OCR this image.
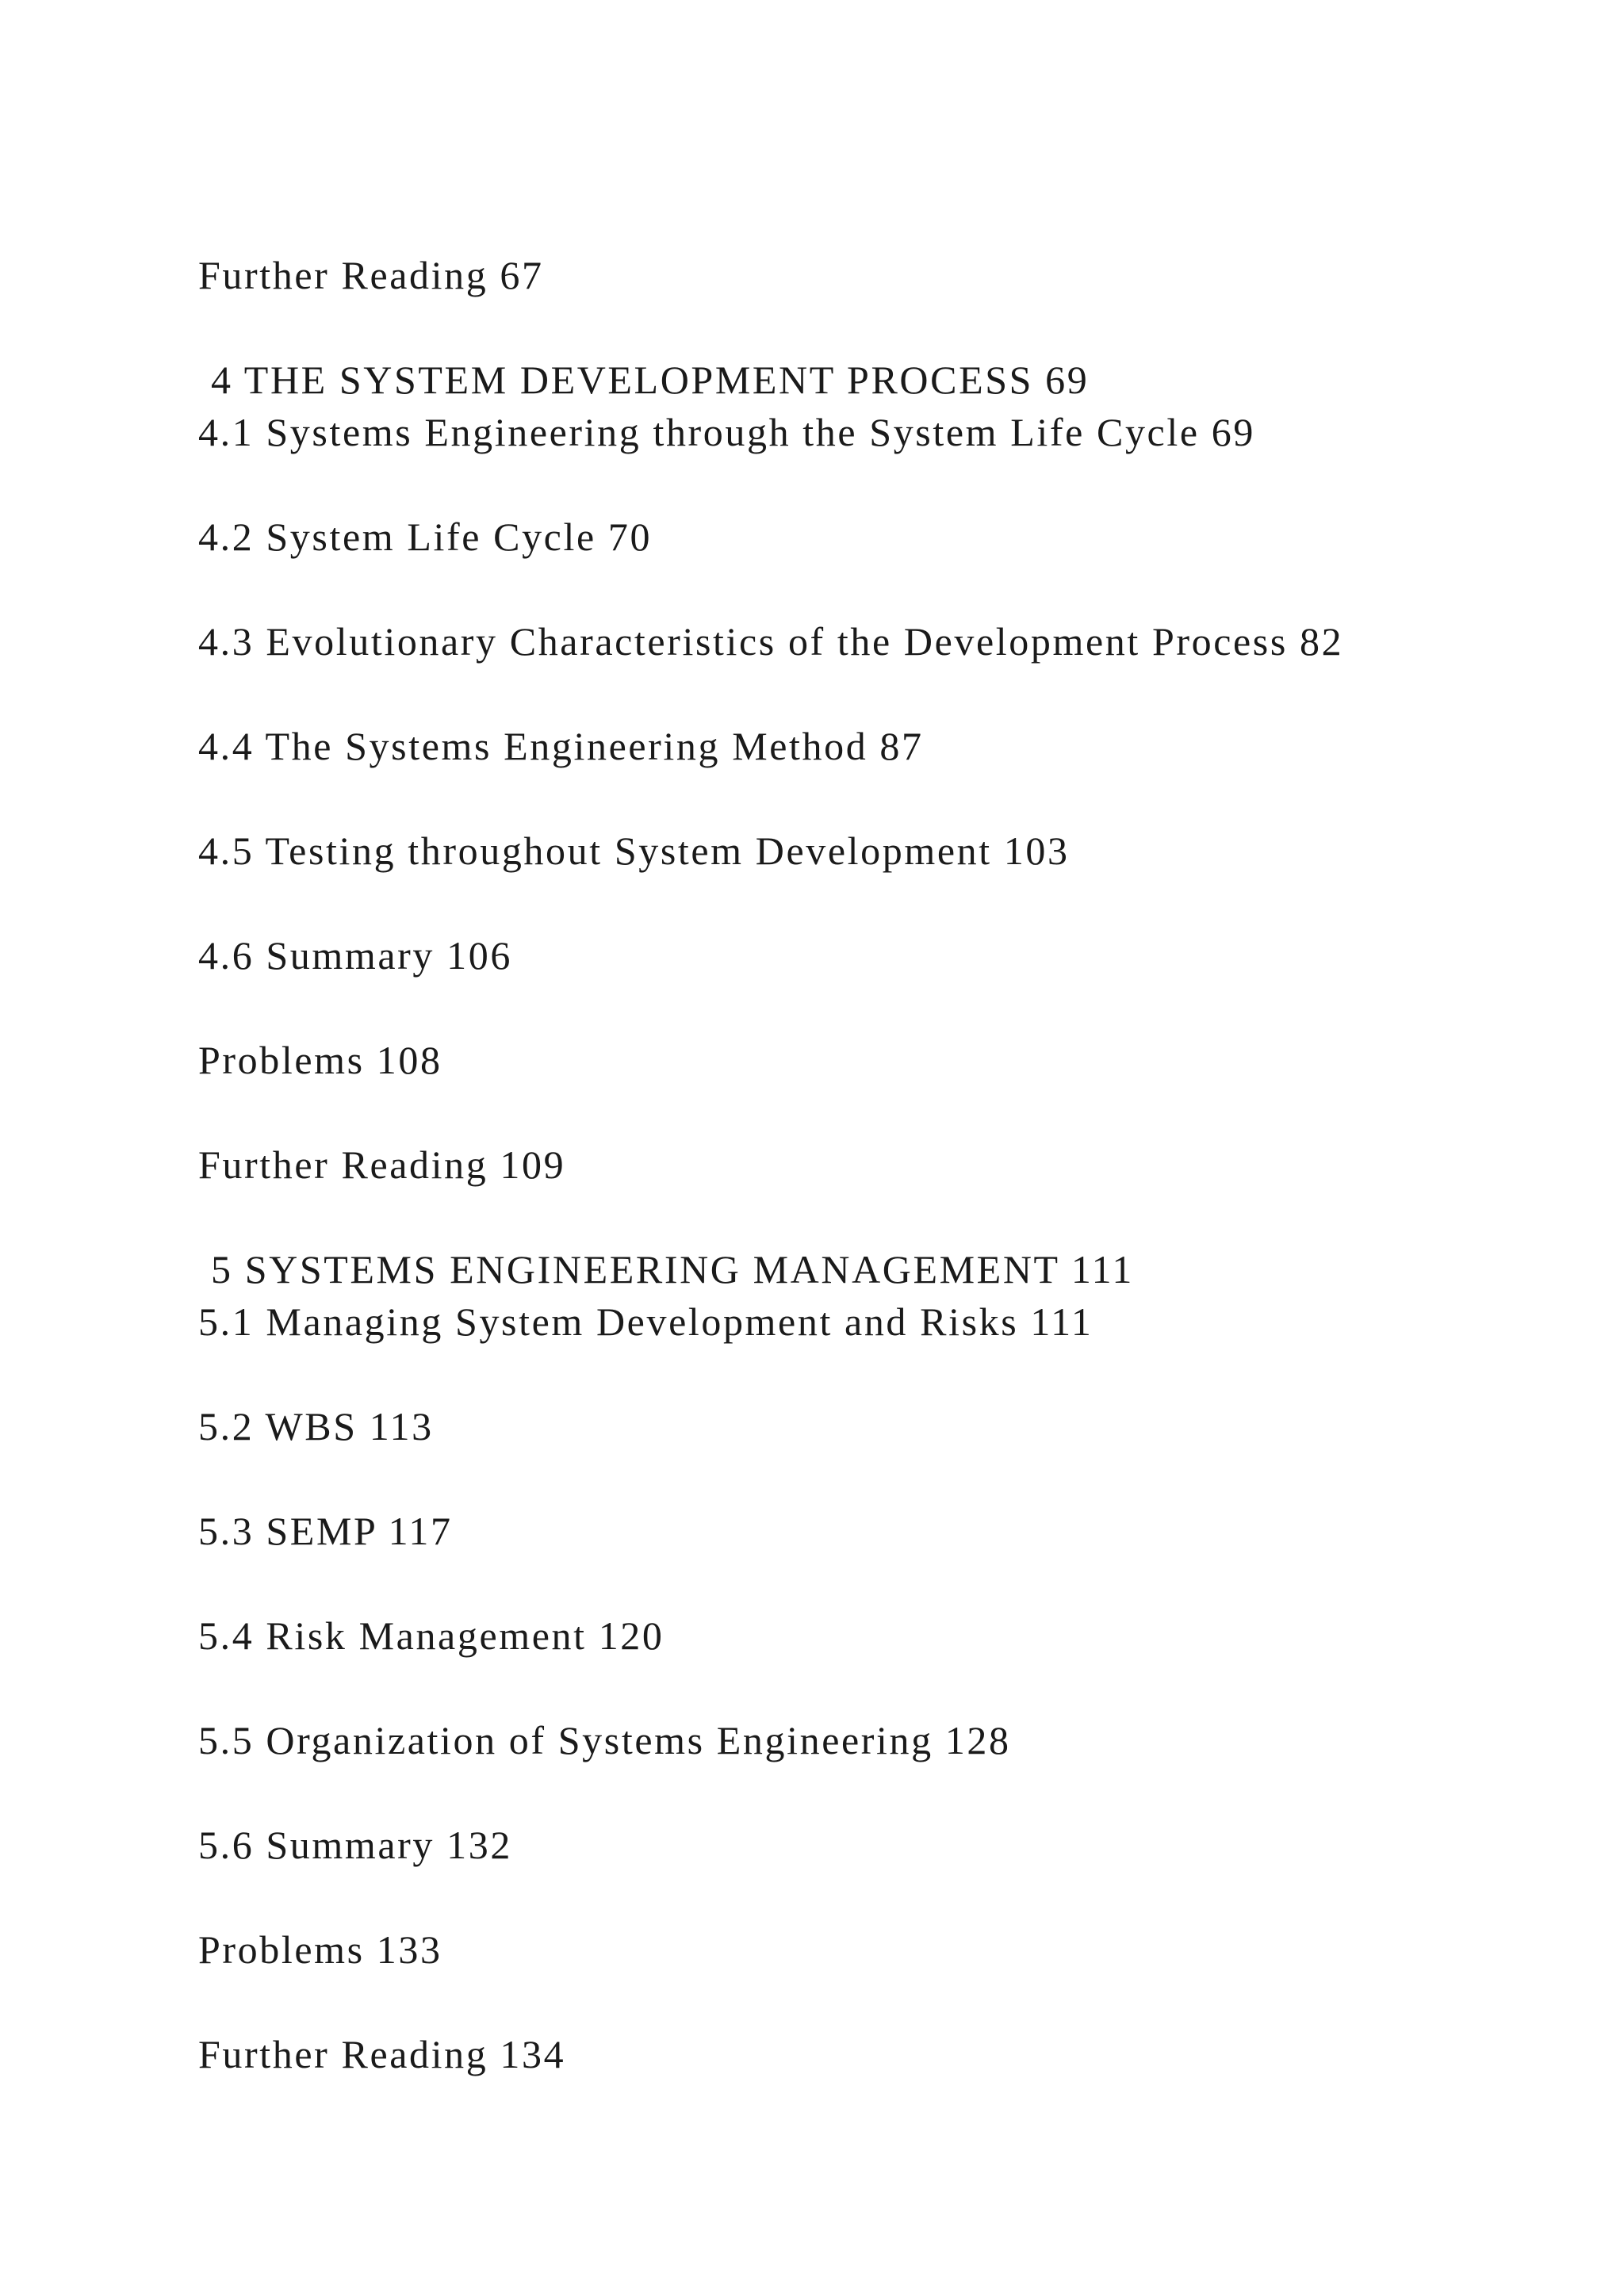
Further Reading 67
4 THE SYSTEM DEVELOPMENT PROCESS 69
4.1 Systems Engineering through the System Life Cycle 69
4.2 System Life Cycle 70
4.3 Evolutionary Characteristics of the Development Process 82
4.4 The Systems Engineering Method 87
4.5 Testing throughout System Development 103
4.6 Summary 106
Problems 108
Further Reading 109
5 SYSTEMS ENGINEERING MANAGEMENT 111
5.1 Managing System Development and Risks 111
5.2 WBS 113
5.3 SEMP 117
5.4 Risk Management 120
5.5 Organization of Systems Engineering 128
5.6 Summary 132
Problems 133
Further Reading 134
